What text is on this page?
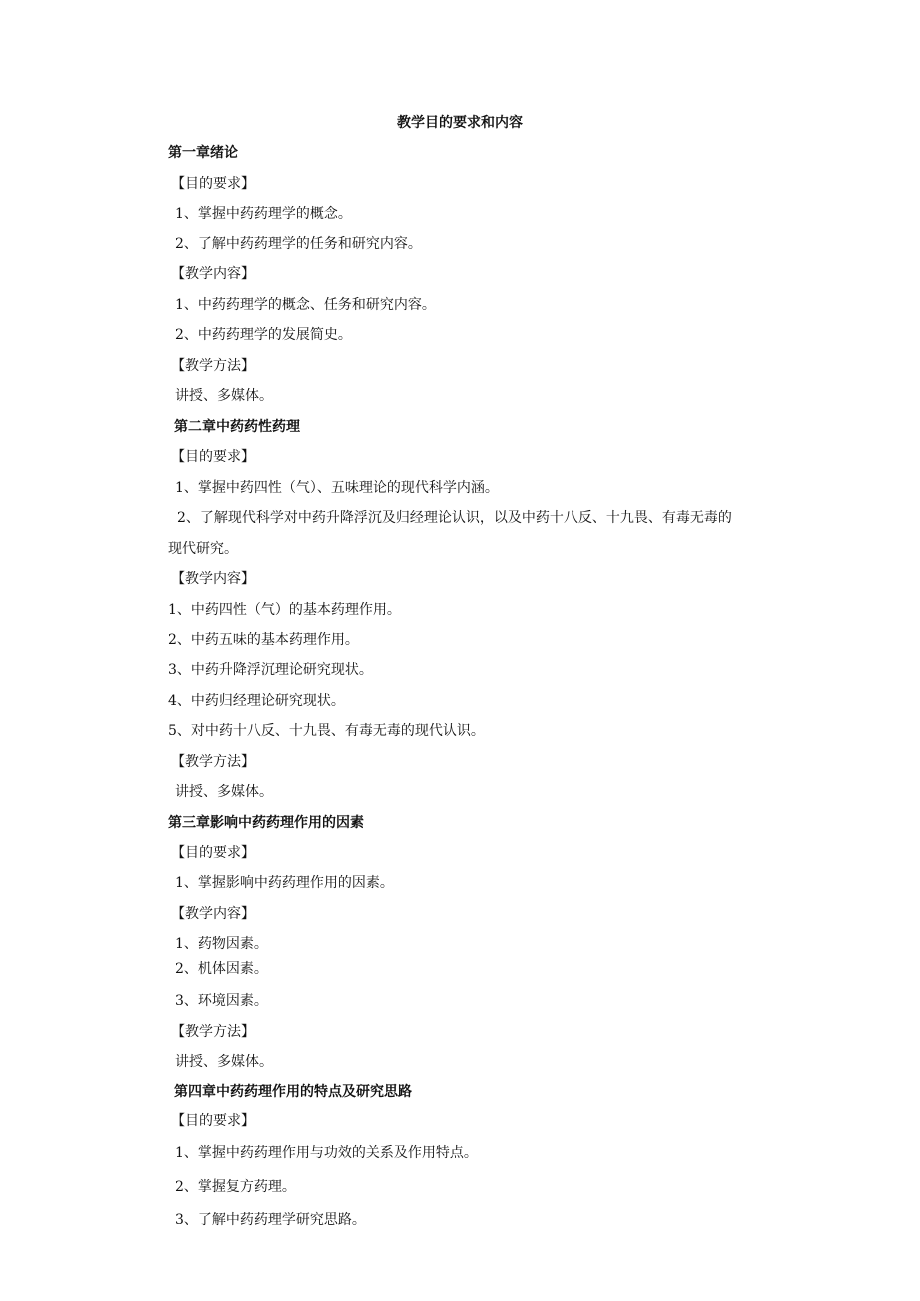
教学目的要求和内容
第一章绪论
【目的要求】
1、掌握中药药理学的概念。
2、了解中药药理学的任务和研究内容。
【教学内容】
1、中药药理学的概念、任务和研究内容。
2、中药药理学的发展简史。
【教学方法】
讲授、多媒体。
第二章中药药性药理
【目的要求】
1、掌握中药四性（气）、五味理论的现代科学内涵。
2、了解现代科学对中药升降浮沉及归经理论认识，以及中药十八反、十九畏、有毒无毒的
现代研究。
【教学内容】
1、中药四性（气）的基本药理作用。
2、中药五味的基本药理作用。
3、中药升降浮沉理论研究现状。
4、中药归经理论研究现状。
5、对中药十八反、十九畏、有毒无毒的现代认识。
【教学方法】
讲授、多媒体。
第三章影响中药药理作用的因素
【目的要求】
1、掌握影响中药药理作用的因素。
【教学内容】
1、药物因素。
2、机体因素。
3、环境因素。
【教学方法】
讲授、多媒体。
第四章中药药理作用的特点及研究思路
【目的要求】
1、掌握中药药理作用与功效的关系及作用特点。
2、掌握复方药理。
3、了解中药药理学研究思路。
